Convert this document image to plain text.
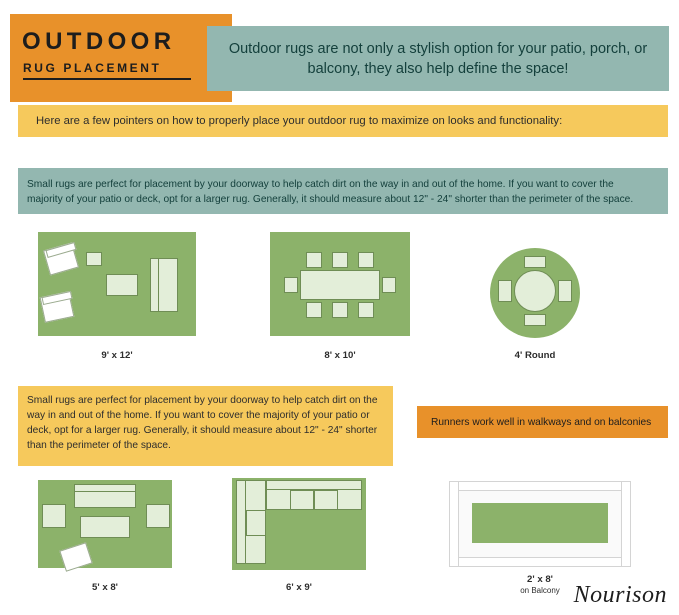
OUTDOOR
RUG PLACEMENT
Outdoor rugs are not only a stylish option for your patio, porch, or balcony, they also help define the space!
Here are a few pointers on how to properly place your outdoor rug to maximize on looks and functionality:
Small rugs are perfect for placement by your doorway to help catch dirt on the way in and out of the home. If you want to cover the majority of your patio or deck, opt for a larger rug. Generally, it should measure about 12" - 24" shorter than the perimeter of the space.
9' x 12'	8' x 10'	4' Round
Small rugs are perfect for placement by your doorway to help catch dirt on the way in and out of the home. If you want to cover the majority of your patio or deck, opt for a larger rug. Generally, it should measure about 12" - 24" shorter than the perimeter of the space.
Runners work well in walkways and on balconies
5' x 8'	6' x 9'
2' x 8'
on Balcony Nourison
